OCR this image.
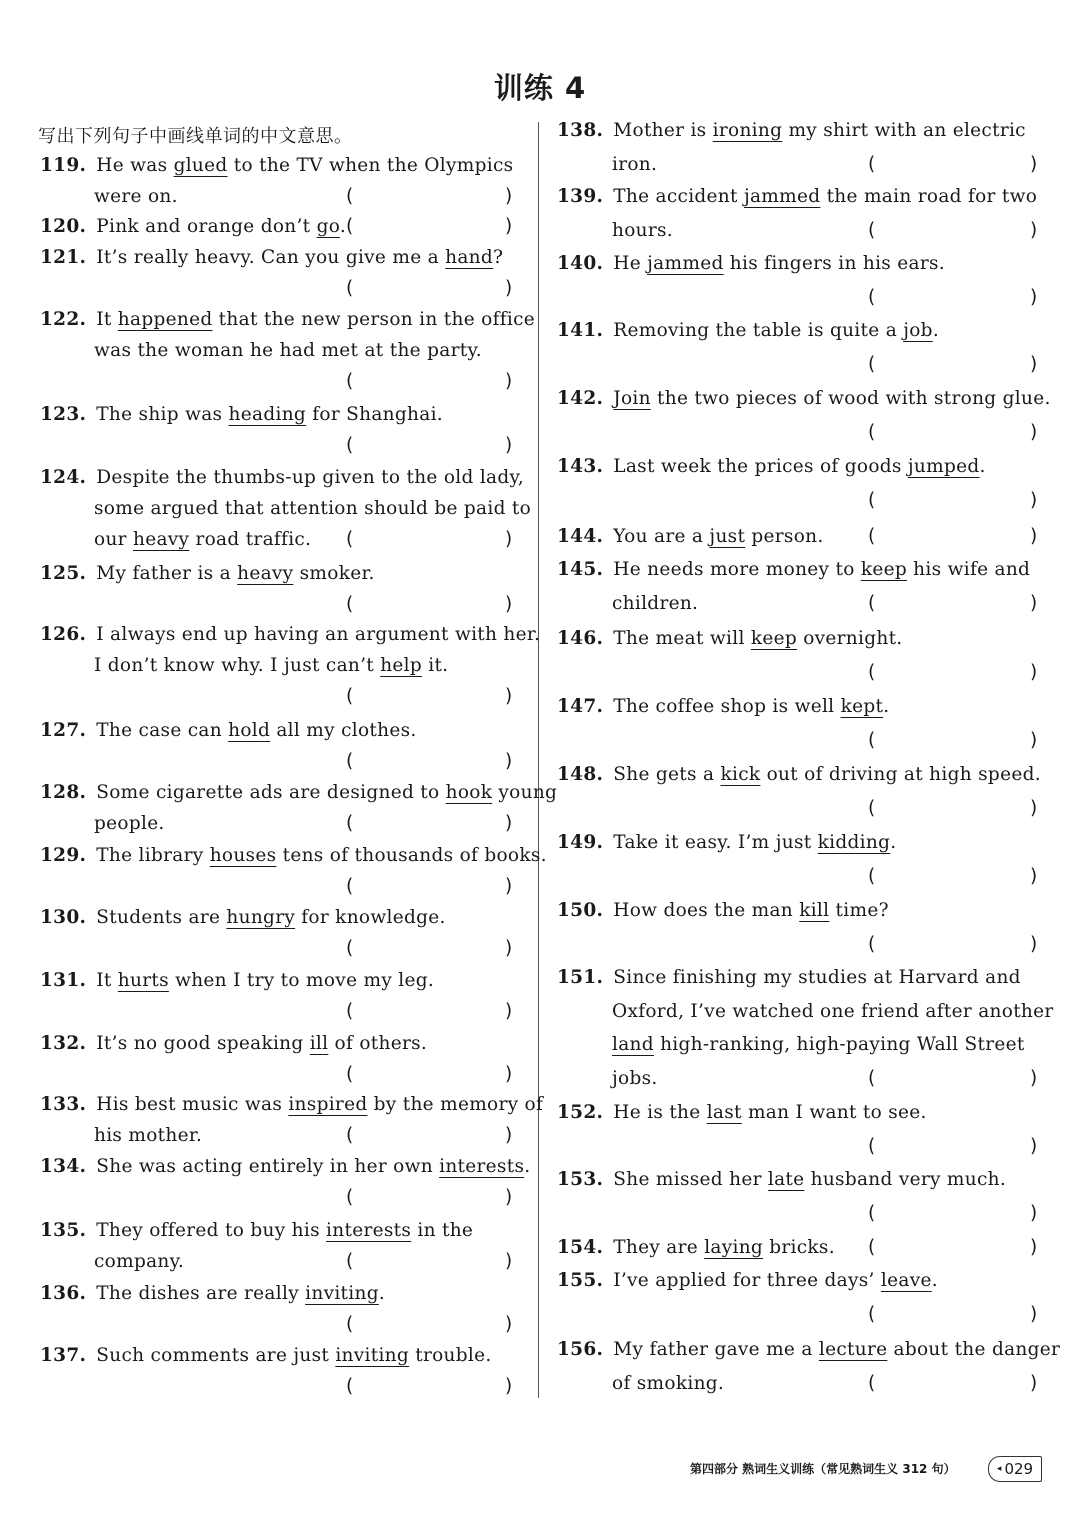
训练 4
写出下列句子中画线单词的中文意思。
119. He was glued to the TV when the Olympics
were on.	(	)
120. Pink and orange don’t go. (	)
121. It’s really heavy. Can you give me a hand?
(	)
122. It happened that the new person in the office
was the woman he had met at the party.
(	)
123. The ship was heading for Shanghai.
(	)
124. Despite the thumbs-up given to the old lady,
some argued that attention should be paid to
our heavy road traffic. (	)
125. My father is a heavy smoker.
(	)
126. I always end up having an argument with her.
I don’t know why. I just can’t help it.
(	)
127. The case can hold all my clothes.
(	)
128. Some cigarette ads are designed to hook young
people.	(	)
129. The library houses tens of thousands of books.
(	)
130. Students are hungry for knowledge.
(	)
131. It hurts when I try to move my leg.
(	)
132. It’s no good speaking ill of others.
(	)
133. His best music was inspired by the memory of
his mother.	(	)
134. She was acting entirely in her own interests.
(	)
135. They offered to buy his interests in the
company.	(	)
136. The dishes are really inviting.
(	)
137. Such comments are just inviting trouble.
(	)
138. Mother is ironing my shirt with an electric
iron.	(	)
139. The accident jammed the main road for two
hours.	(	)
140. He jammed his fingers in his ears.
(	)
141. Removing the table is quite a job.
(	)
142. Join the two pieces of wood with strong glue.
(	)
143. Last week the prices of goods jumped.
(	)
144. You are a just person. (	)
145. He needs more money to keep his wife and
children.	(	)
146. The meat will keep overnight.
(	)
147. The coffee shop is well kept.
(	)
148. She gets a kick out of driving at high speed.
(	)
149. Take it easy. I’m just kidding.
(	)
150. How does the man kill time?
(	)
151. Since finishing my studies at Harvard and
Oxford, I’ve watched one friend after another
land high-ranking, high-paying Wall Street
jobs.	(	)
152. He is the last man I want to see.
(	)
153. She missed her late husband very much.
(	)
154. They are laying bricks. (	)
155. I’ve applied for three days’ leave.
(	)
156. My father gave me a lecture about the danger
of smoking.	(	)
第四部分 熟词生义训练（常见熟词生义 312 句）	◂ 029
